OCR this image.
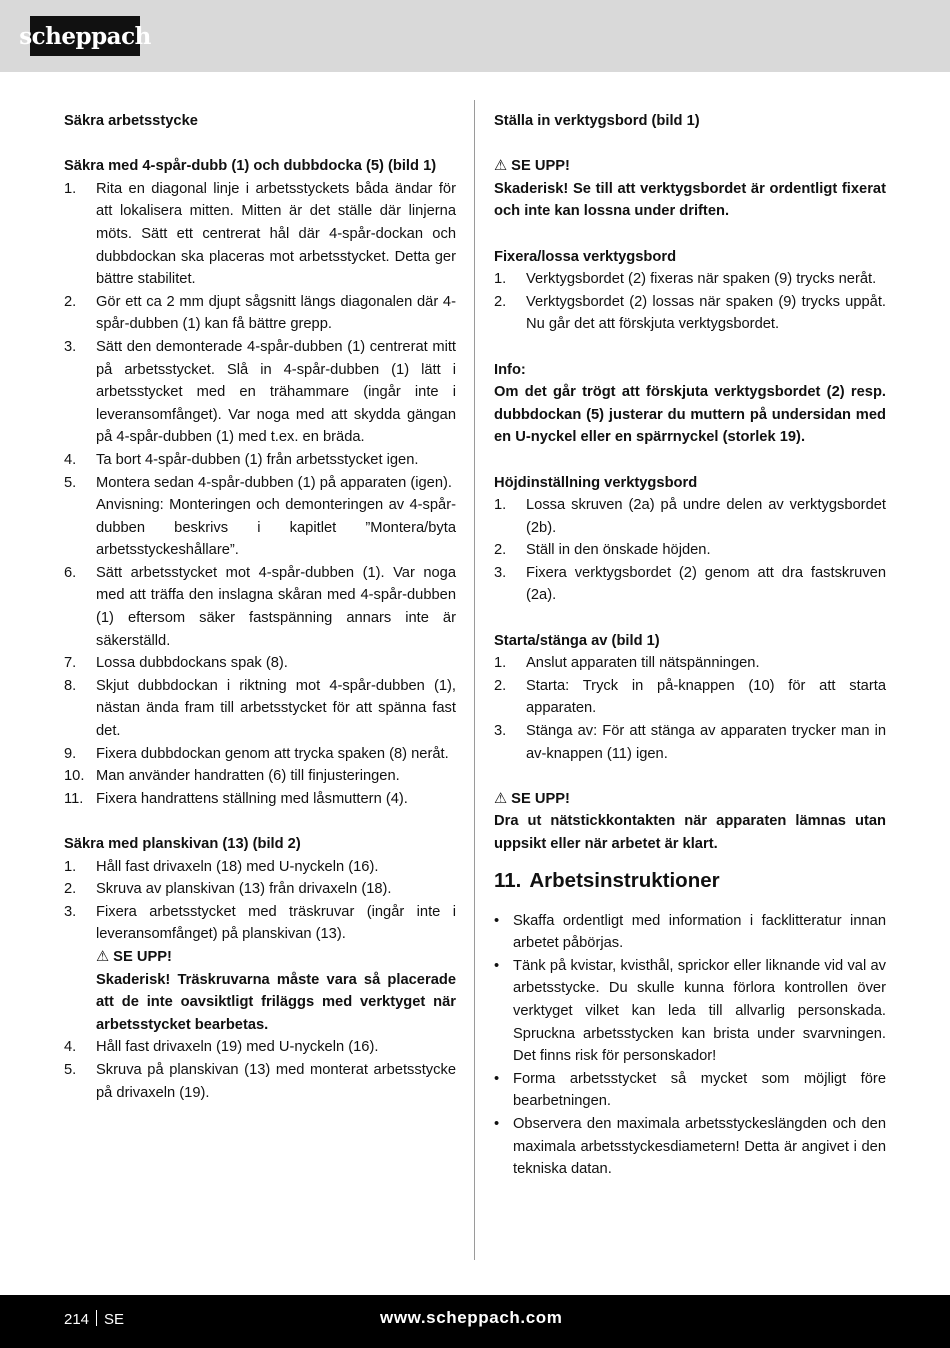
scheppach

Säkra arbetsstycke

Säkra med 4-spår-dubb (1) och dubbdocka (5) (bild 1)

1. Rita en diagonal linje i arbetsstyckets båda ändar för att lokalisera mitten. Mitten är det ställe där linjerna möts. Sätt ett centrerat hål där 4-spår-dockan och dubbdockan ska placeras mot arbetsstycket. Detta ger bättre stabilitet.
2. Gör ett ca 2 mm djupt sågsnitt längs diagonalen där 4-spår-dubben (1) kan få bättre grepp.
3. Sätt den demonterade 4-spår-dubben (1) centrerat mitt på arbetsstycket. Slå in 4-spår-dubben (1) lätt i arbetsstycket med en trähammare (ingår inte i leveransomfånget). Var noga med att skydda gängan på 4-spår-dubben (1) med t.ex. en bräda.
4. Ta bort 4-spår-dubben (1) från arbetsstycket igen.
5. Montera sedan 4-spår-dubben (1) på apparaten (igen).
Anvisning: Monteringen och demonteringen av 4-spår-dubben beskrivs i kapitlet ”Montera/byta arbetsstyckeshållare”.
6. Sätt arbetsstycket mot 4-spår-dubben (1). Var noga med att träffa den inslagna skåran med 4-spår-dubben (1) eftersom säker fastspänning annars inte är säkerställd.
7. Lossa dubbdockans spak (8).
8. Skjut dubbdockan i riktning mot 4-spår-dubben (1), nästan ända fram till arbetsstycket för att spänna fast det.
9. Fixera dubbdockan genom att trycka spaken (8) neråt.
10. Man använder handratten (6) till finjusteringen.
11. Fixera handrattens ställning med låsmuttern (4).

Säkra med planskivan (13) (bild 2)

1. Håll fast drivaxeln (18) med U-nyckeln (16).
2. Skruva av planskivan (13) från drivaxeln (18).
3. Fixera arbetsstycket med träskruvar (ingår inte i leveransomfånget) på planskivan (13).
⚠ SE UPP!
Skaderisk! Träskruvarna måste vara så placerade att de inte oavsiktligt friläggs med verktyget när arbetsstycket bearbetas.
4. Håll fast drivaxeln (19) med U-nyckeln (16).
5. Skruva på planskivan (13) med monterat arbetsstycke på drivaxeln (19).

Ställa in verktygsbord (bild 1)

⚠ SE UPP!

Skaderisk! Se till att verktygsbordet är ordentligt fixerat och inte kan lossna under driften.

Fixera/lossa verktygsbord

1. Verktygsbordet (2) fixeras när spaken (9) trycks neråt.
2. Verktygsbordet (2) lossas när spaken (9) trycks uppåt. Nu går det att förskjuta verktygsbordet.

Info:

Om det går trögt att förskjuta verktygsbordet (2) resp. dubbdockan (5) justerar du muttern på undersidan med en U-nyckel eller en spärrnyckel (storlek 19).

Höjdinställning verktygsbord

1. Lossa skruven (2a) på undre delen av verktygsbordet (2b).
2. Ställ in den önskade höjden.
3. Fixera verktygsbordet (2) genom att dra fastskruven (2a).

Starta/stänga av (bild 1)

1. Anslut apparaten till nätspänningen.
2. Starta: Tryck in på-knappen (10) för att starta apparaten.
3. Stänga av: För att stänga av apparaten trycker man in av-knappen (11) igen.

⚠ SE UPP!

Dra ut nätstickkontakten när apparaten lämnas utan uppsikt eller när arbetet är klart.

11. Arbetsinstruktioner
• Skaffa ordentligt med information i facklitteratur innan arbetet påbörjas.
• Tänk på kvistar, kvisthål, sprickor eller liknande vid val av arbetsstycke. Du skulle kunna förlora kontrollen över verktyget vilket kan leda till allvarlig personskada. Spruckna arbetsstycken kan brista under svarvningen. Det finns risk för personskador!
• Forma arbetsstycket så mycket som möjligt före bearbetningen.
• Observera den maximala arbetsstyckeslängden och den maximala arbetsstyckesdiametern! Detta är angivet i den tekniska datan.
214 SE	www.scheppach.com
